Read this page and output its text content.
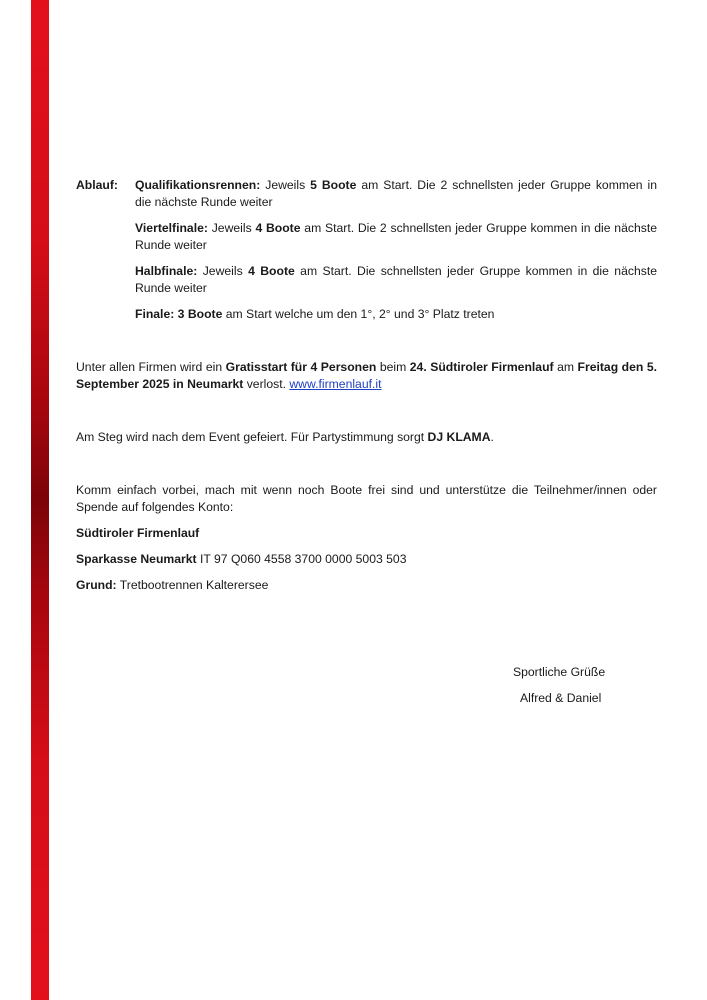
Ablauf: Qualifikationsrennen: Jeweils 5 Boote am Start. Die 2 schnellsten jeder Gruppe kommen in die nächste Runde weiter

Viertelfinale: Jeweils 4 Boote am Start. Die 2 schnellsten jeder Gruppe kommen in die nächste Runde weiter

Halbfinale: Jeweils 4 Boote am Start. Die schnellsten jeder Gruppe kommen in die nächste Runde weiter

Finale: 3 Boote am Start welche um den 1°, 2° und 3° Platz treten

Unter allen Firmen wird ein Gratisstart für 4 Personen beim 24. Südtiroler Firmenlauf am Freitag den 5. September 2025 in Neumarkt verlost. www.firmenlauf.it

Am Steg wird nach dem Event gefeiert. Für Partystimmung sorgt DJ KLAMA.

Komm einfach vorbei, mach mit wenn noch Boote frei sind und unterstütze die Teilnehmer/innen oder Spende auf folgendes Konto:

Südtiroler Firmenlauf

Sparkasse Neumarkt IT 97 Q060 4558 3700 0000 5003 503

Grund: Tretbootrennen Kalterersee

Sportliche Grüße
Alfred & Daniel
